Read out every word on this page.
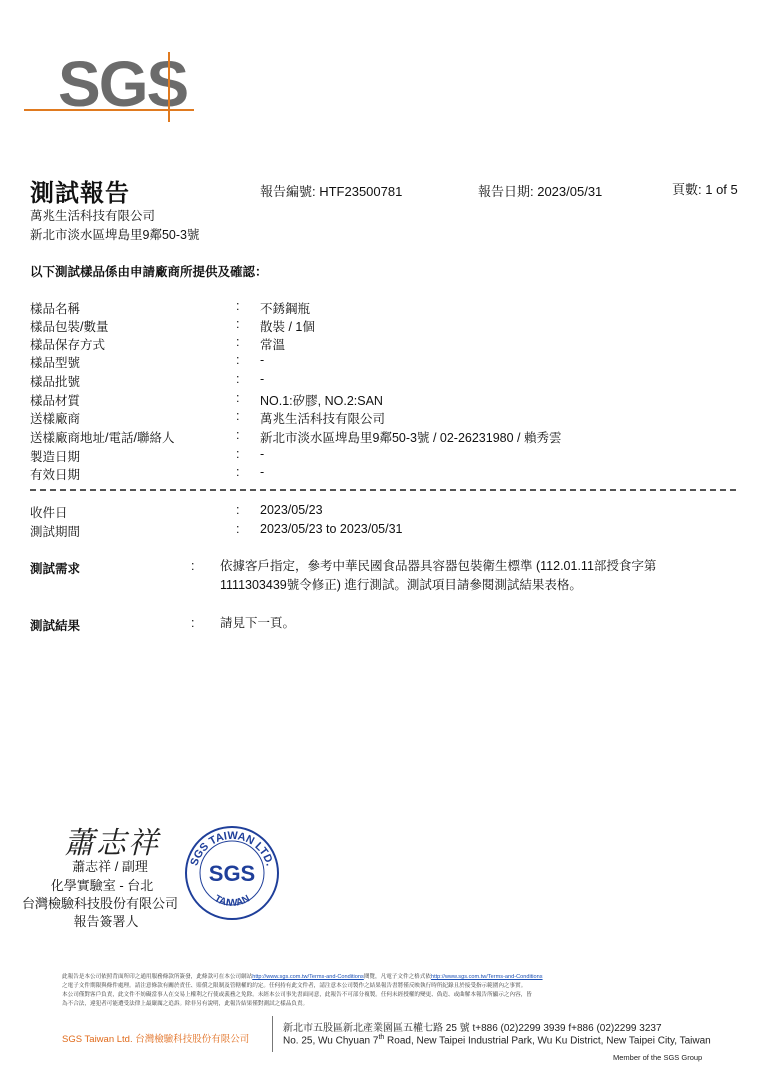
SGS
測試報告	報告編號: HTF23500781	報告日期: 2023/05/31	頁數: 1 of 5
萬兆生活科技有限公司
新北市淡水區埤島里9鄰50-3號
以下測試樣品係由申請廠商所提供及確認：
樣品名稱	: 不銹鋼瓶
樣品包裝/數量	: 散裝 / 1個
樣品保存方式	: 常溫
樣品型號	: -
樣品批號	: -
樣品材質	: NO.1:矽膠, NO.2:SAN
送樣廠商	: 萬兆生活科技有限公司
送樣廠商地址/電話/聯絡人	: 新北市淡水區埤島里9鄰50-3號 / 02-26231980 / 賴秀雲
製造日期	: -
有效日期	: -
收件日	: 2023/05/23
測試期間	: 2023/05/23 to 2023/05/31
測試需求	: 依據客戶指定，參考中華民國食品器具容器包裝衛生標準 (112.01.11部授食字第
1111303439號令修正) 進行測試。測試項目請參閱測試結果表格。
測試結果	: 請見下一頁。
蕭志祥
蕭志祥 / 副理
化學實驗室 - 台北
台灣檢驗科技股份有限公司
報告簽署人
SGS TAIWAN LTD.
SGS
TAIWAN
此報告是本公司依照背面所印之通用服務條款所簽發，此條款可在本公司網站http://www.sgs.com.tw/Terms-and-Conditions閱覽，凡電子文件之格式依http://www.sgs.com.tw/Terms-and-Conditions
之電子文件期限與條件處理。請注意條款有關於責任、賠償之限制及管轄權的約定。任何持有此文件者，請注意本公司製作之結果報告書將僅反映執行時所紀錄且於接受指示範圍內之事實。
本公司僅對客戶負責，此文件不妨礙當事人在交易上權利之行使或義務之免除。未經本公司事先書面同意，此報告不可部分複製。任何未經授權的變更、偽造、或曲解本報告所顯示之內容，皆
為不合法，違犯者可能遭受法律上最嚴厲之追訴。除非另有說明，此報告結果僅對測試之樣品負責。
SGS Taiwan Ltd. 台灣檢驗科技股份有限公司
新北市五股區新北產業園區五權七路 25 號 t+886 (02)2299 3939 f+886 (02)2299 3237
No. 25, Wu Chyuan 7th Road, New Taipei Industrial Park, Wu Ku District, New Taipei City, Taiwan
Member of the SGS Group
